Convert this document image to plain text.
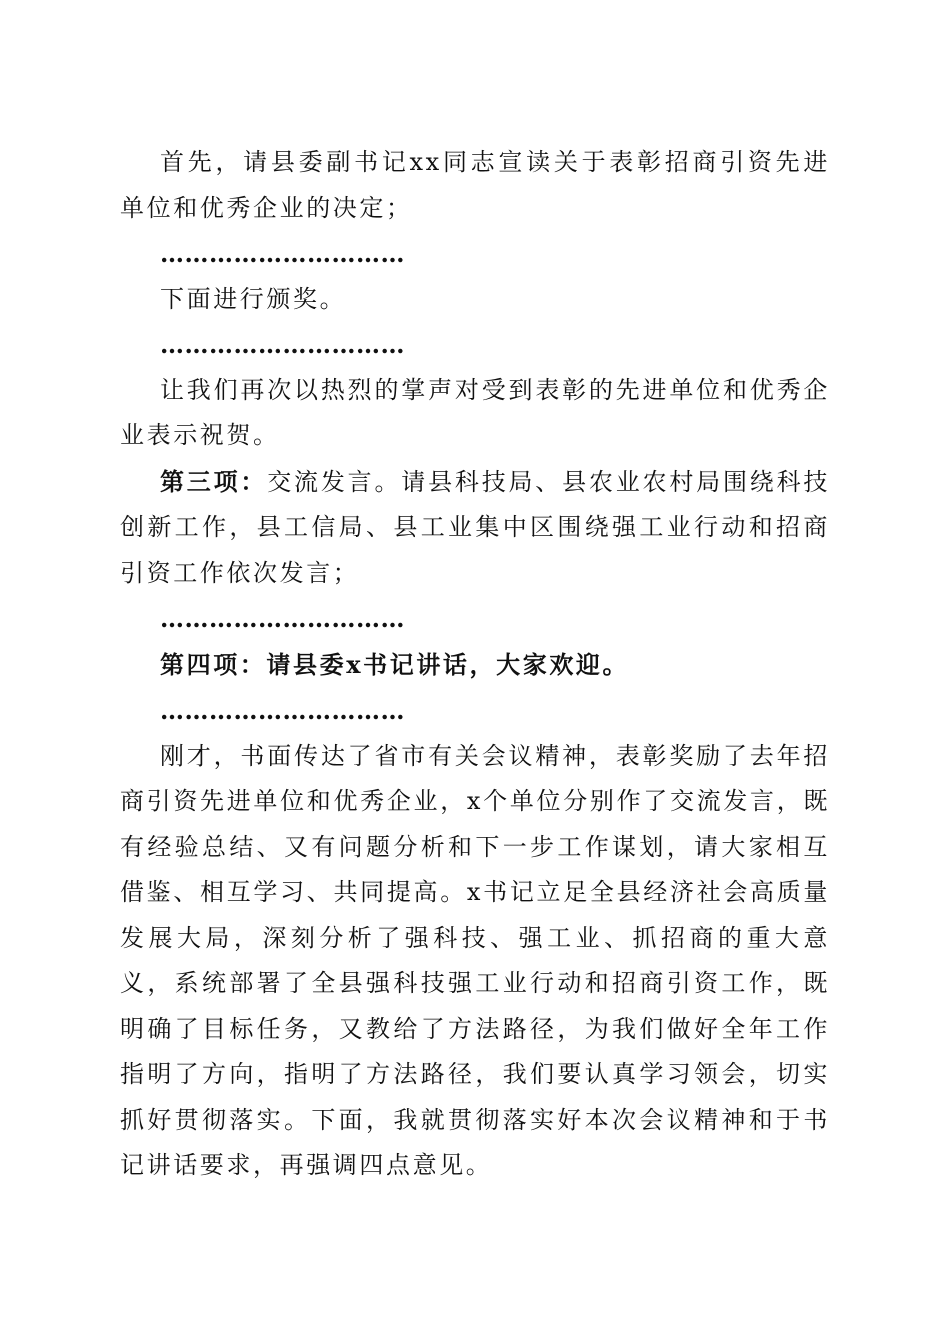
首先，请县委副书记xx同志宣读关于表彰招商引资先进单位和优秀企业的决定；

…………………………

下面进行颁奖。

…………………………

让我们再次以热烈的掌声对受到表彰的先进单位和优秀企业表示祝贺。

第三项：交流发言。请县科技局、县农业农村局围绕科技创新工作，县工信局、县工业集中区围绕强工业行动和招商引资工作依次发言；

…………………………

第四项：请县委x书记讲话，大家欢迎。

…………………………

刚才，书面传达了省市有关会议精神，表彰奖励了去年招商引资先进单位和优秀企业，x个单位分别作了交流发言，既有经验总结、又有问题分析和下一步工作谋划，请大家相互借鉴、相互学习、共同提高。x书记立足全县经济社会高质量发展大局，深刻分析了强科技、强工业、抓招商的重大意义，系统部署了全县强科技强工业行动和招商引资工作，既明确了目标任务，又教给了方法路径，为我们做好全年工作指明了方向，指明了方法路径，我们要认真学习领会，切实抓好贯彻落实。下面，我就贯彻落实好本次会议精神和于书记讲话要求，再强调四点意见。
